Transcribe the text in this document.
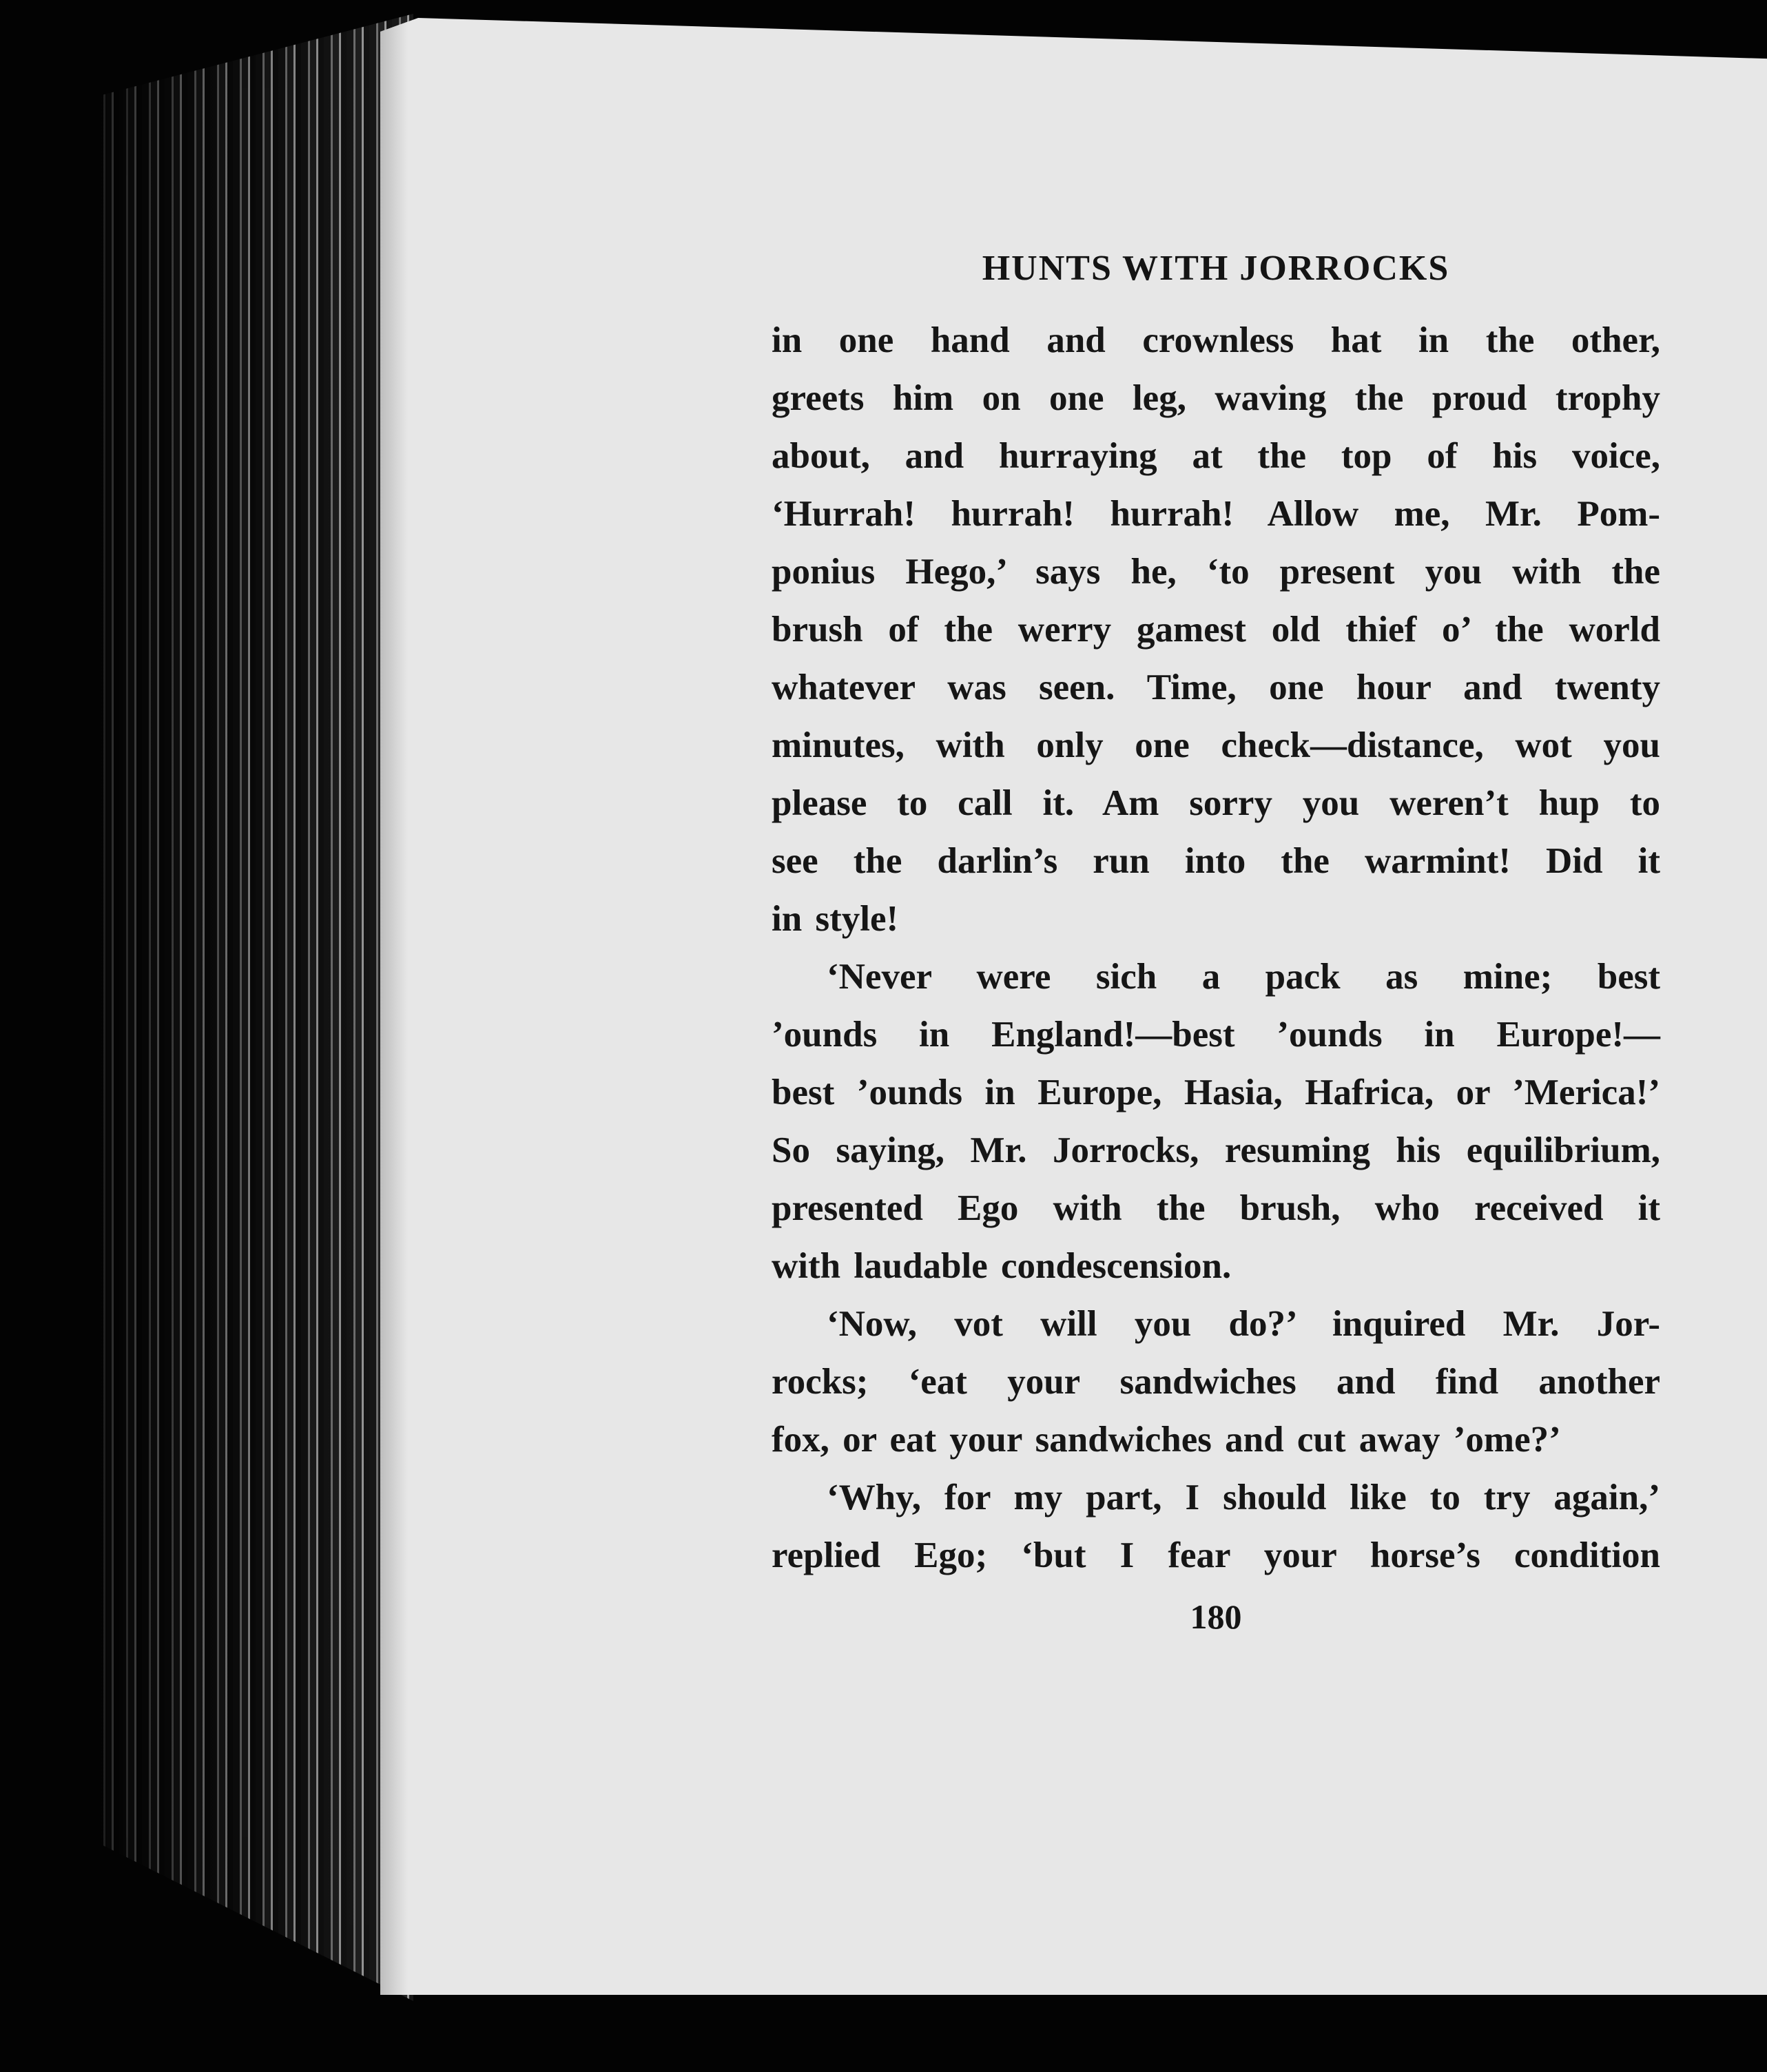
HUNTS WITH JORROCKS
in one hand and crownless hat in the other,
greets him on one leg, waving the proud trophy
about, and hurraying at the top of his voice,
‘Hurrah! hurrah! hurrah! Allow me, Mr. Pom-
ponius Hego,’ says he, ‘to present you with the
brush of the werry gamest old thief o’ the world
whatever was seen. Time, one hour and twenty
minutes, with only one check—distance, wot you
please to call it. Am sorry you weren’t hup to
see the darlin’s run into the warmint! Did it
in style!
‘Never were sich a pack as mine; best
’ounds in England!—best ’ounds in Europe!—
best ’ounds in Europe, Hasia, Hafrica, or ’Merica!’
So saying, Mr. Jorrocks, resuming his equilibrium,
presented Ego with the brush, who received it
with laudable condescension.
‘Now, vot will you do?’ inquired Mr. Jor-
rocks; ‘eat your sandwiches and find another
fox, or eat your sandwiches and cut away ’ome?’
‘Why, for my part, I should like to try again,’
replied Ego; ‘but I fear your horse’s condition
180
